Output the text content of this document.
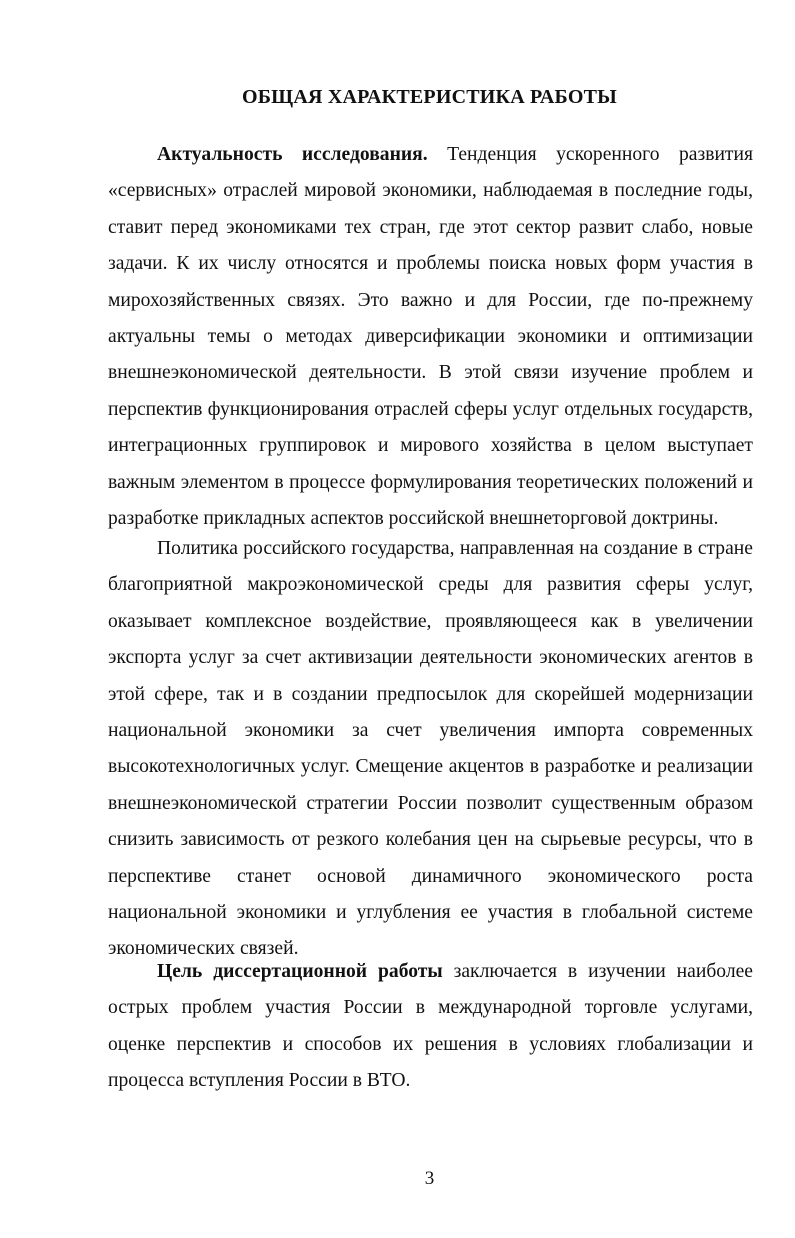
ОБЩАЯ ХАРАКТЕРИСТИКА РАБОТЫ

Актуальность исследования. Тенденция ускоренного развития «сервисных» отраслей мировой экономики, наблюдаемая в последние годы, ставит перед экономиками тех стран, где этот сектор развит слабо, новые задачи. К их числу относятся и проблемы поиска новых форм участия в мирохозяйственных связях. Это важно и для России, где по-прежнему актуальны темы о методах диверсификации экономики и оптимизации внешнеэкономической деятельности. В этой связи изучение проблем и перспектив функционирования отраслей сферы услуг отдельных государств, интеграционных группировок и мирового хозяйства в целом выступает важным элементом в процессе формулирования теоретических положений и разработке прикладных аспектов российской внешнеторговой доктрины.

Политика российского государства, направленная на создание в стране благоприятной макроэкономической среды для развития сферы услуг, оказывает комплексное воздействие, проявляющееся как в увеличении экспорта услуг за счет активизации деятельности экономических агентов в этой сфере, так и в создании предпосылок для скорейшей модернизации национальной экономики за счет увеличения импорта современных высокотехнологичных услуг. Смещение акцентов в разработке и реализации внешнеэкономической стратегии России позволит существенным образом снизить зависимость от резкого колебания цен на сырьевые ресурсы, что в перспективе станет основой динамичного экономического роста национальной экономики и углубления ее участия в глобальной системе экономических связей.

Цель диссертационной работы заключается в изучении наиболее острых проблем участия России в международной торговле услугами, оценке перспектив и способов их решения в условиях глобализации и процесса вступления России в ВТО.

3
